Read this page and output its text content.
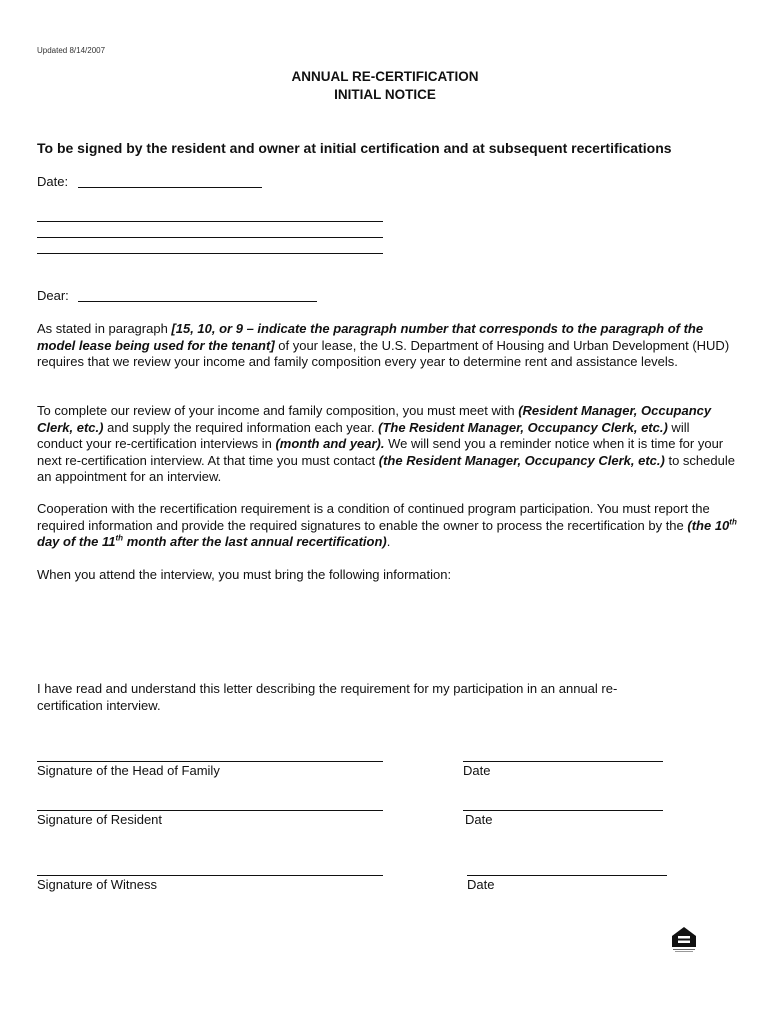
Updated 8/14/2007
ANNUAL RE-CERTIFICATION
INITIAL NOTICE
To be signed by the resident and owner at initial certification and at subsequent recertifications
Date:
Dear:
As stated in paragraph [15, 10, or 9 – indicate the paragraph number that corresponds to the paragraph of the model lease being used for the tenant] of your lease, the U.S. Department of Housing and Urban Development (HUD) requires that we review your income and family composition every year to determine rent and assistance levels.
To complete our review of your income and family composition, you must meet with (Resident Manager, Occupancy Clerk, etc.) and supply the required information each year. (The Resident Manager, Occupancy Clerk, etc.) will conduct your re-certification interviews in (month and year). We will send you a reminder notice when it is time for your next re-certification interview. At that time you must contact (the Resident Manager, Occupancy Clerk, etc.) to schedule an appointment for an interview.
Cooperation with the recertification requirement is a condition of continued program participation. You must report the required information and provide the required signatures to enable the owner to process the recertification by the (the 10th day of the 11th month after the last annual recertification).
When you attend the interview, you must bring the following information:
I have read and understand this letter describing the requirement for my participation in an annual re-certification interview.
Signature of the Head of Family	Date
Signature of Resident	Date
Signature of Witness	Date
